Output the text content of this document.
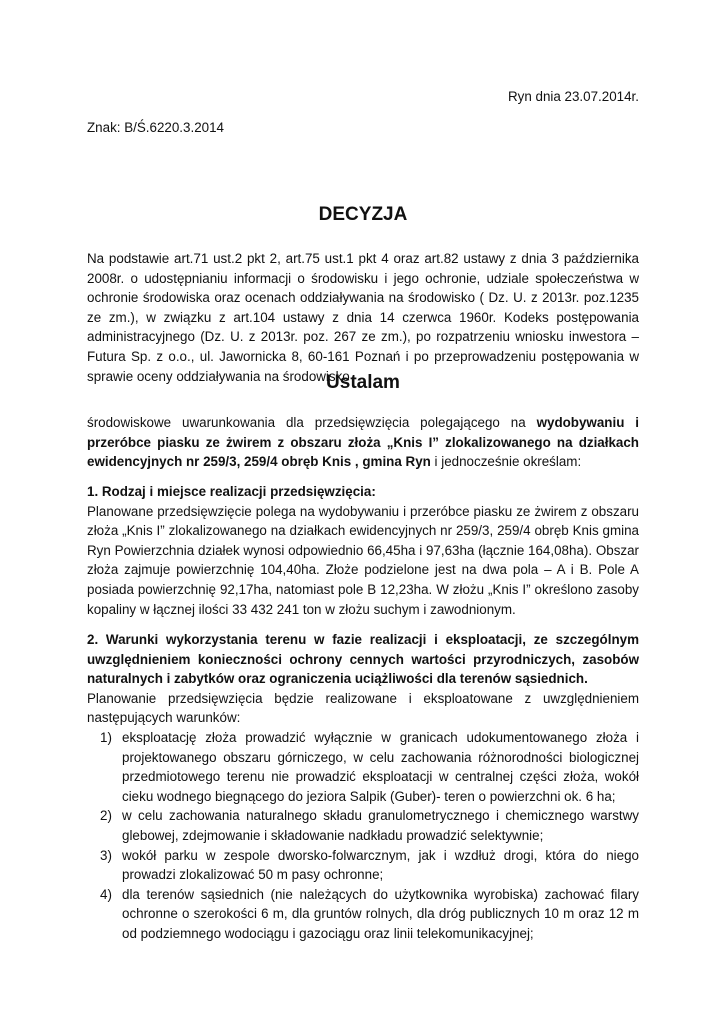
Ryn dnia 23.07.2014r.
Znak: B/Ś.6220.3.2014
DECYZJA

Na podstawie art.71 ust.2 pkt 2, art.75 ust.1 pkt 4 oraz art.82 ustawy z dnia 3 października 2008r. o udostępnianiu informacji o środowisku i jego ochronie, udziale społeczeństwa w ochronie środowiska oraz ocenach oddziaływania na środowisko ( Dz. U. z 2013r. poz.1235 ze zm.), w związku z art.104 ustawy z dnia 14 czerwca 1960r. Kodeks postępowania administracyjnego (Dz. U. z 2013r. poz. 267 ze zm.), po rozpatrzeniu wniosku inwestora – Futura Sp. z o.o., ul. Jawornicka 8, 60-161 Poznań i po przeprowadzeniu postępowania w sprawie oceny oddziaływania na środowisko

Ustalam

środowiskowe uwarunkowania dla przedsięwzięcia polegającego na wydobywaniu i przeróbce piasku ze żwirem z obszaru złoża „Knis I” zlokalizowanego na działkach ewidencyjnych nr 259/3, 259/4 obręb Knis , gmina Ryn i jednocześnie określam:

1. Rodzaj i miejsce realizacji przedsięwzięcia:

Planowane przedsięwzięcie polega na wydobywaniu i przeróbce piasku ze żwirem z obszaru złoża „Knis I” zlokalizowanego na działkach ewidencyjnych nr 259/3, 259/4 obręb Knis gmina Ryn Powierzchnia działek wynosi odpowiednio 66,45ha i 97,63ha (łącznie 164,08ha). Obszar złoża zajmuje powierzchnię 104,40ha. Złoże podzielone jest na dwa pola – A i B. Pole A posiada powierzchnię 92,17ha, natomiast pole B 12,23ha. W złożu „Knis I” określono zasoby kopaliny w łącznej ilości 33 432 241 ton w złożu suchym i zawodnionym.

2. Warunki wykorzystania terenu w fazie realizacji i eksploatacji, ze szczególnym uwzględnieniem konieczności ochrony cennych wartości przyrodniczych, zasobów naturalnych i zabytków oraz ograniczenia uciążliwości dla terenów sąsiednich.

Planowanie przedsięwzięcia będzie realizowane i eksploatowane z uwzględnieniem następujących warunków:

1) eksploatację złoża prowadzić wyłącznie w granicach udokumentowanego złoża i projektowanego obszaru górniczego, w celu zachowania różnorodności biologicznej przedmiotowego terenu nie prowadzić eksploatacji w centralnej części złoża, wokół cieku wodnego biegnącego do jeziora Salpik (Guber)- teren o powierzchni ok. 6 ha;
2) w celu zachowania naturalnego składu granulometrycznego i chemicznego warstwy glebowej, zdejmowanie i składowanie nadkładu prowadzić selektywnie;
3) wokół parku w zespole dworsko-folwarcznym, jak i wzdłuż drogi, która do niego prowadzi zlokalizować 50 m pasy ochronne;
4) dla terenów sąsiednich (nie należących do użytkownika wyrobiska) zachować filary ochronne o szerokości 6 m, dla gruntów rolnych, dla dróg publicznych 10 m oraz 12 m od podziemnego wodociągu i gazociągu oraz linii telekomunikacyjnej;
